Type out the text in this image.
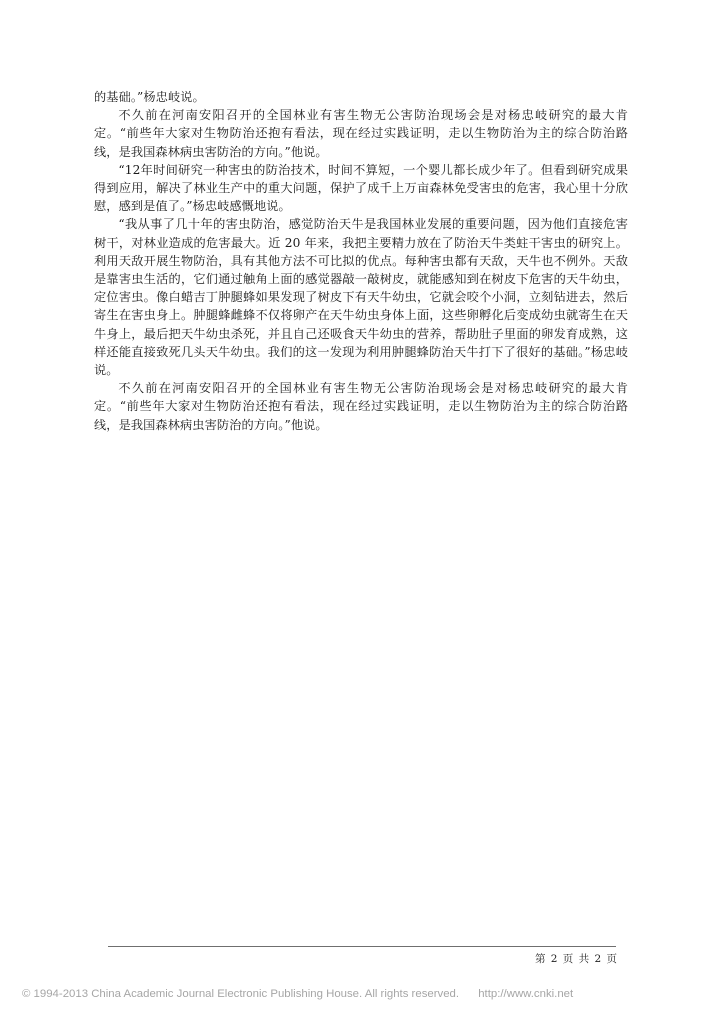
的基础。”杨忠岐说。

不久前在河南安阳召开的全国林业有害生物无公害防治现场会是对杨忠岐研究的最大肯定。“前些年大家对生物防治还抱有看法，现在经过实践证明，走以生物防治为主的综合防治路线，是我国森林病虫害防治的方向。”他说。

“12年时间研究一种害虫的防治技术，时间不算短，一个婴儿都长成少年了。但看到研究成果得到应用，解决了林业生产中的重大问题，保护了成千上万亩森林免受害虫的危害，我心里十分欣慰，感到是值了。”杨忠岐感慨地说。

“我从事了几十年的害虫防治，感觉防治天牛是我国林业发展的重要问题，因为他们直接危害树干，对林业造成的危害最大。近 20 年来，我把主要精力放在了防治天牛类蛀干害虫的研究上。利用天敌开展生物防治，具有其他方法不可比拟的优点。每种害虫都有天敌，天牛也不例外。天敌是靠害虫生活的，它们通过触角上面的感觉器敲一敲树皮，就能感知到在树皮下危害的天牛幼虫，定位害虫。像白蜡吉丁肿腿蜂如果发现了树皮下有天牛幼虫，它就会咬个小洞，立刻钻进去，然后寄生在害虫身上。肿腿蜂雌蜂不仅将卵产在天牛幼虫身体上面，这些卵孵化后变成幼虫就寄生在天牛身上，最后把天牛幼虫杀死，并且自己还吸食天牛幼虫的营养，帮助肚子里面的卵发育成熟，这样还能直接致死几头天牛幼虫。我们的这一发现为利用肿腿蜂防治天牛打下了很好的基础。”杨忠岐说。

不久前在河南安阳召开的全国林业有害生物无公害防治现场会是对杨忠岐研究的最大肯定。“前些年大家对生物防治还抱有看法，现在经过实践证明，走以生物防治为主的综合防治路线，是我国森林病虫害防治的方向。”他说。

第 2 页 共 2 页
© 1994-2013 China Academic Journal Electronic Publishing House. All rights reserved. http://www.cnki.net
